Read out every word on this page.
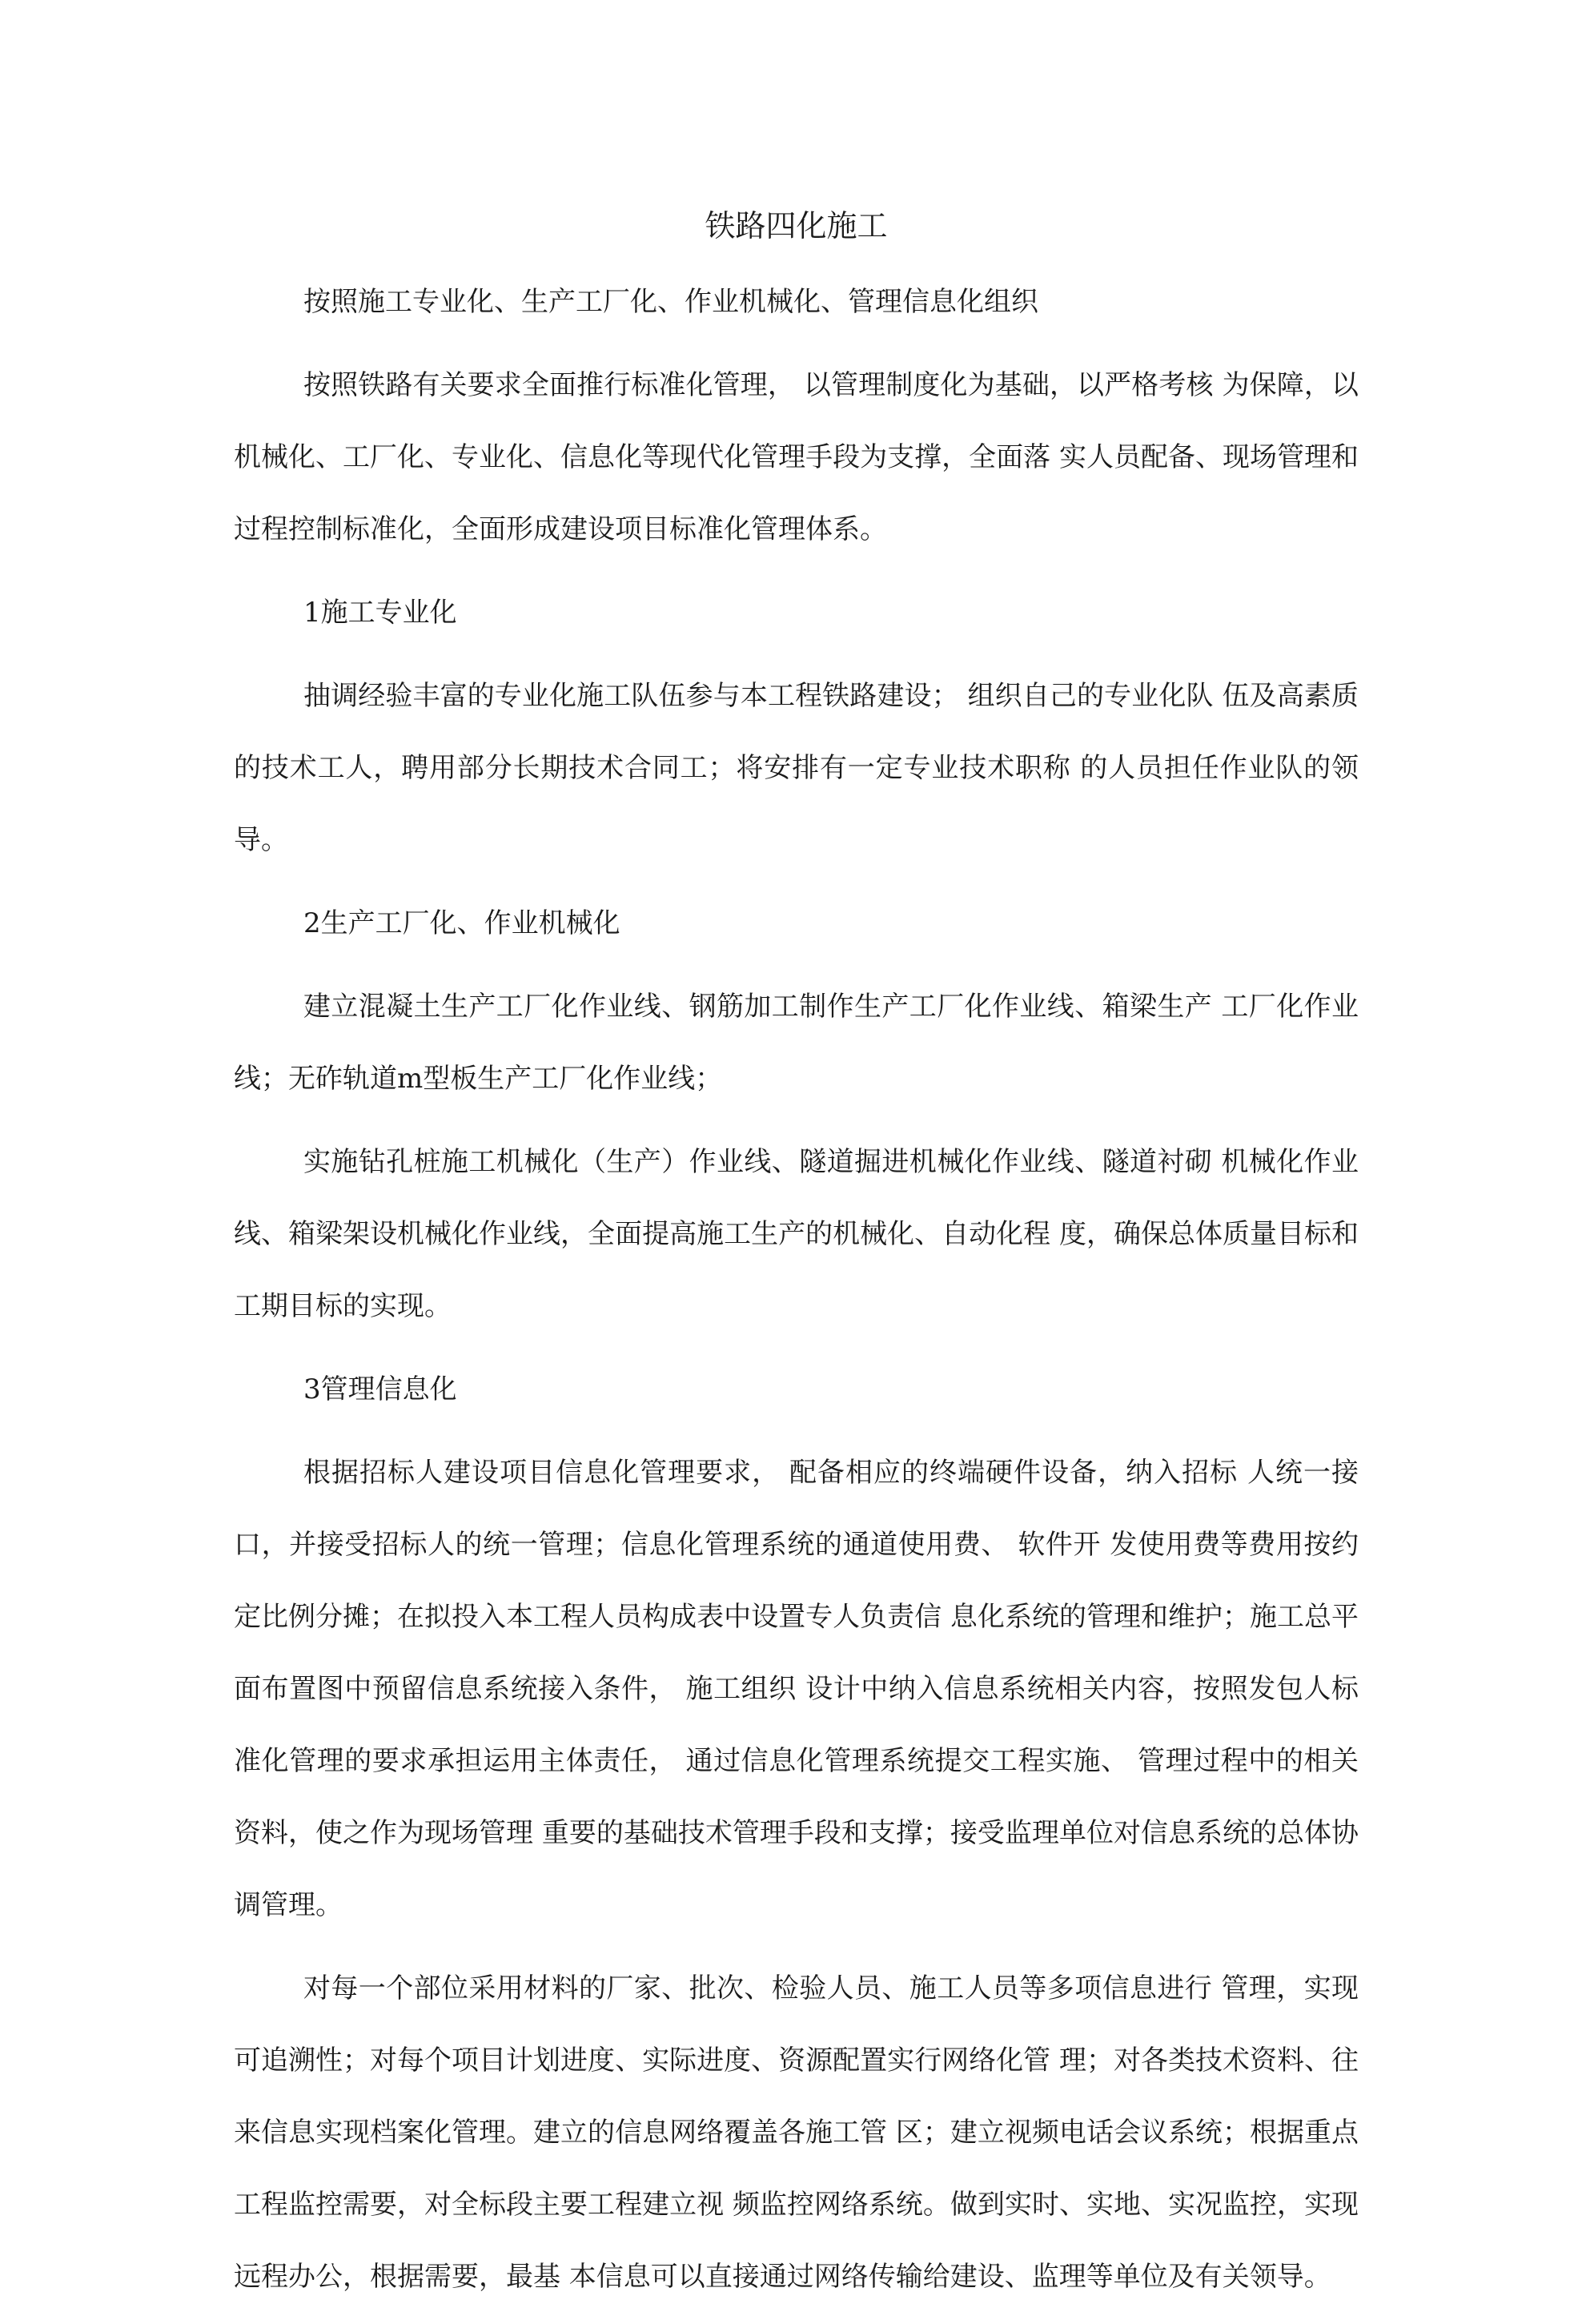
铁路四化施工

按照施工专业化、生产工厂化、作业机械化、管理信息化组织

按照铁路有关要求全面推行标准化管理， 以管理制度化为基础，以严格考核 为保障，以机械化、工厂化、专业化、信息化等现代化管理手段为支撑，全面落 实人员配备、现场管理和过程控制标准化，全面形成建设项目标准化管理体系。

1施工专业化

抽调经验丰富的专业化施工队伍参与本工程铁路建设； 组织自己的专业化队 伍及高素质的技术工人，聘用部分长期技术合同工；将安排有一定专业技术职称 的人员担任作业队的领导。

2生产工厂化、作业机械化

建立混凝土生产工厂化作业线、钢筋加工制作生产工厂化作业线、箱梁生产 工厂化作业线；无砟轨道m型板生产工厂化作业线；

实施钻孔桩施工机械化（生产）作业线、隧道掘进机械化作业线、隧道衬砌 机械化作业线、箱梁架设机械化作业线，全面提高施工生产的机械化、自动化程 度，确保总体质量目标和工期目标的实现。

3管理信息化

根据招标人建设项目信息化管理要求， 配备相应的终端硬件设备，纳入招标 人统一接口，并接受招标人的统一管理；信息化管理系统的通道使用费、 软件开 发使用费等费用按约定比例分摊；在拟投入本工程人员构成表中设置专人负责信 息化系统的管理和维护；施工总平面布置图中预留信息系统接入条件， 施工组织 设计中纳入信息系统相关内容，按照发包人标准化管理的要求承担运用主体责任， 通过信息化管理系统提交工程实施、 管理过程中的相关资料，使之作为现场管理 重要的基础技术管理手段和支撑；接受监理单位对信息系统的总体协调管理。

对每一个部位采用材料的厂家、批次、检验人员、施工人员等多项信息进行 管理，实现可追溯性；对每个项目计划进度、实际进度、资源配置实行网络化管 理；对各类技术资料、往来信息实现档案化管理。建立的信息网络覆盖各施工管 区；建立视频电话会议系统；根据重点工程监控需要，对全标段主要工程建立视 频监控网络系统。做到实时、实地、实况监控，实现远程办公，根据需要，最基 本信息可以直接通过网络传输给建设、监理等单位及有关领导。
